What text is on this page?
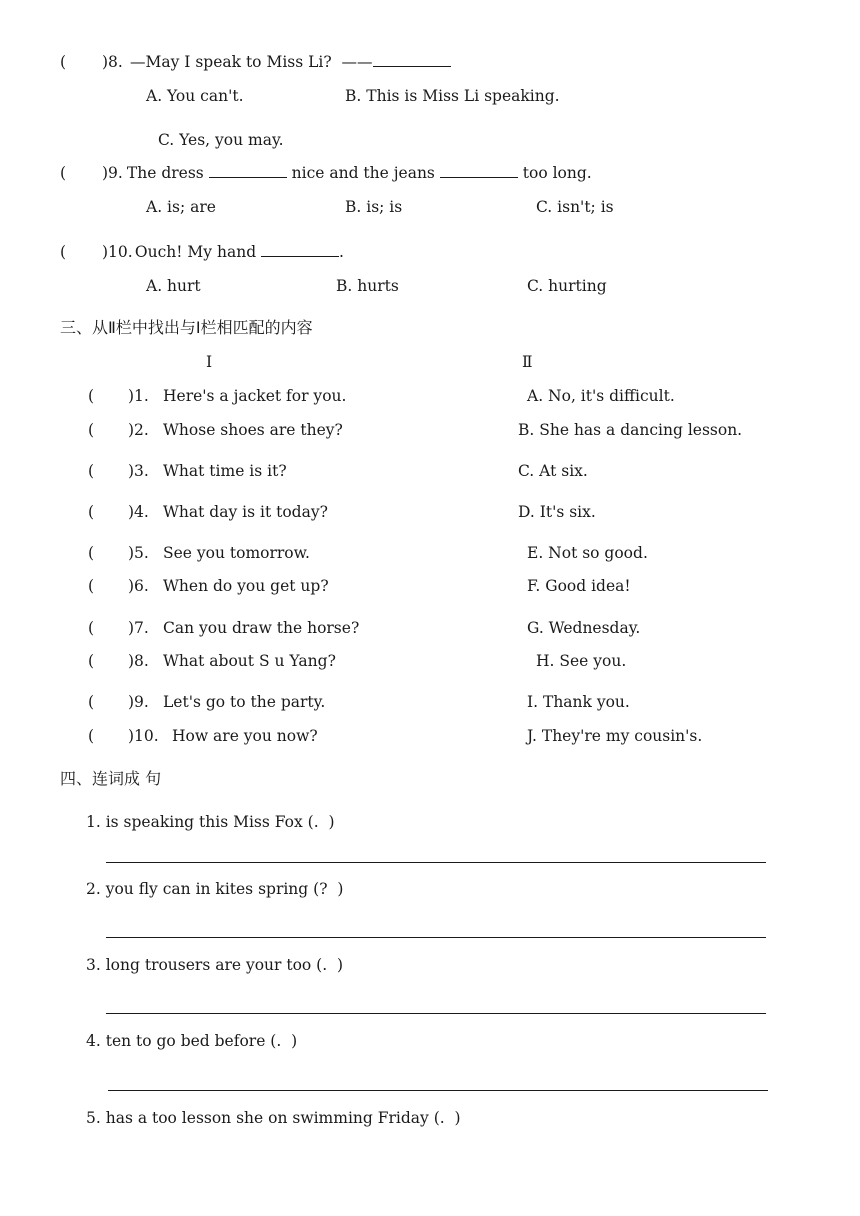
( )8. —May I speak to Miss Li?  ——
A. You can't.	B. This is Miss Li speaking.
C. Yes, you may.
( )9. The dress	nice and the jeans	too long.
A. is; are	B. is; is	C. isn't; is
( )10.
Ouch! My hand	.
A. hurt	B. hurts	C. hurting
三、从Ⅱ栏中找出与Ⅰ栏相匹配的内容
Ⅰ	Ⅱ
( )1. Here's a jacket for you.	A. No, it's difficult.
( )2. Whose shoes are they?	B. She has a dancing lesson.
( )3. What time is it?	C. At six.
( )4. What day is it today?	D. It's six.
( )5. See you tomorrow.	E. Not so good.
( )6. When do you get up?	F. Good idea!
( )7. Can you draw the horse?	G. Wednesday.
( )8. What about S u Yang?	H. See you.
( )9. Let's go to the party.	I. Thank you.
( )10. How are you now?	J. They're my cousin's.
四、连词成 句
1. is speaking this Miss Fox (.  )
2. you fly can in kites spring (?  )
3. long trousers are your too (.  )
4. ten to go bed before (.  )
5. has a too lesson she on swimming Friday (.  )
